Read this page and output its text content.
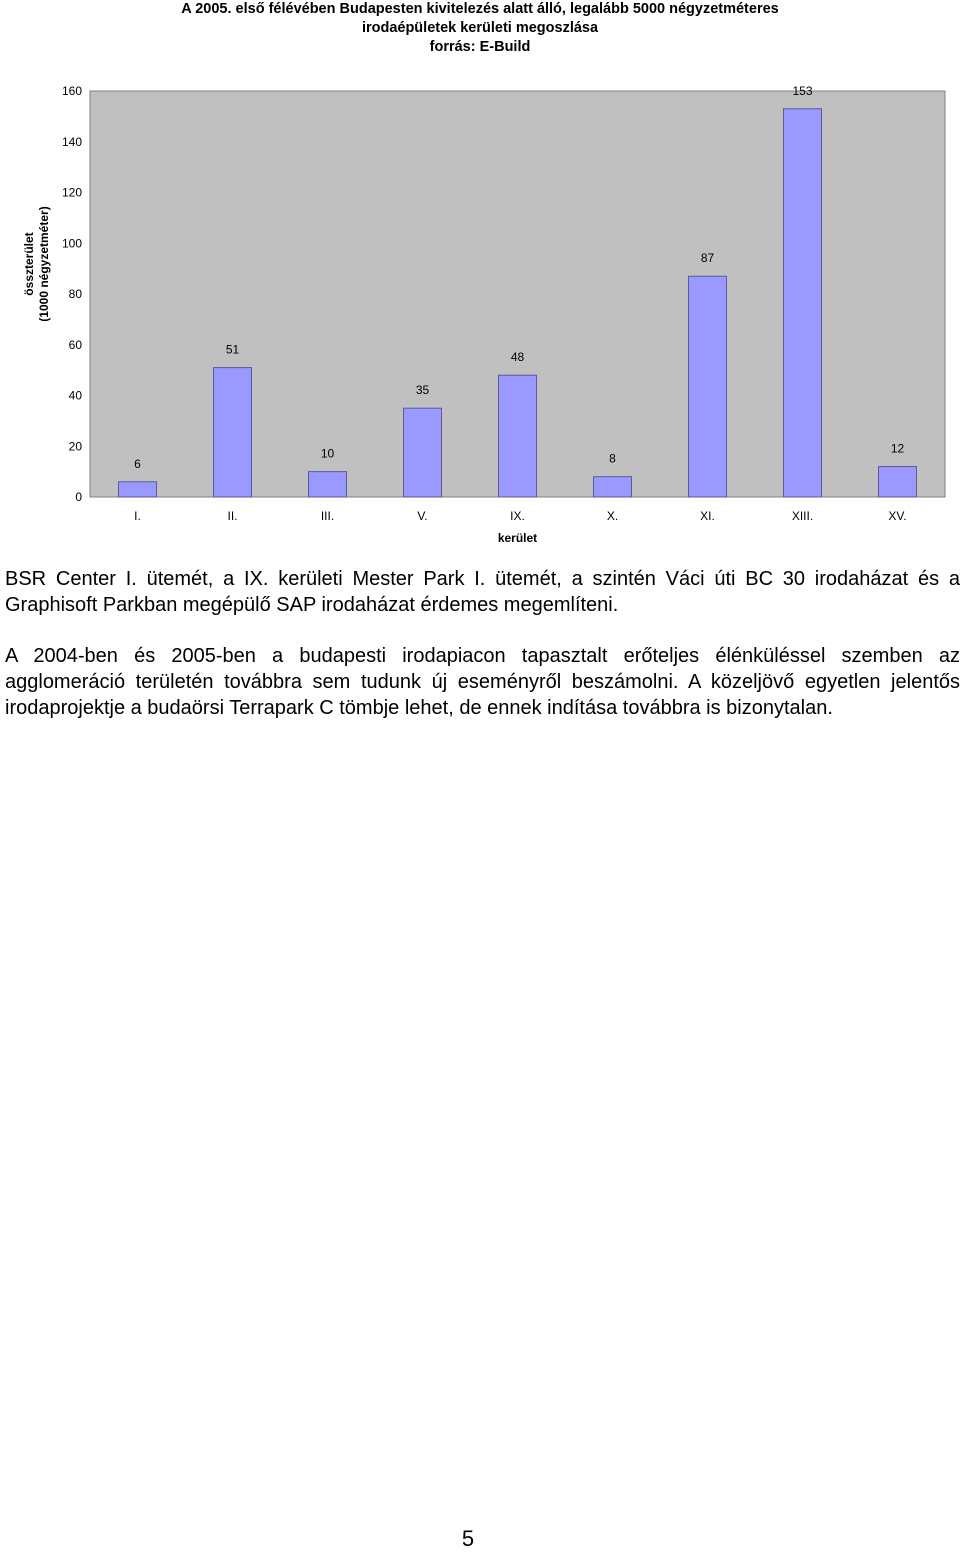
A 2005. első félévében Budapesten kivitelezés alatt álló, legalább 5000 négyzetméteres
irodaépületek kerületi megoszlása
forrás: E-Build
0
20
40
60
80
100
120
140
160
összterület (1000 négyzetméter)
6
I.
51
II.
10
III.
35
V.
48
IX.
8
X.
87
XI.
153
XIII.
12
XV.
kerület
BSR Center I. ütemét, a IX. kerületi Mester Park I. ütemét, a szintén Váci úti BC 30 irodaházat és a Graphisoft Parkban megépülő SAP irodaházat érdemes megemlíteni.
A 2004-ben és 2005-ben a budapesti irodapiacon tapasztalt erőteljes élénküléssel szemben az agglomeráció területén továbbra sem tudunk új eseményről beszámolni. A közeljövő egyetlen jelentős irodaprojektje a budaörsi Terrapark C tömbje lehet, de ennek indítása továbbra is bizonytalan.
5
